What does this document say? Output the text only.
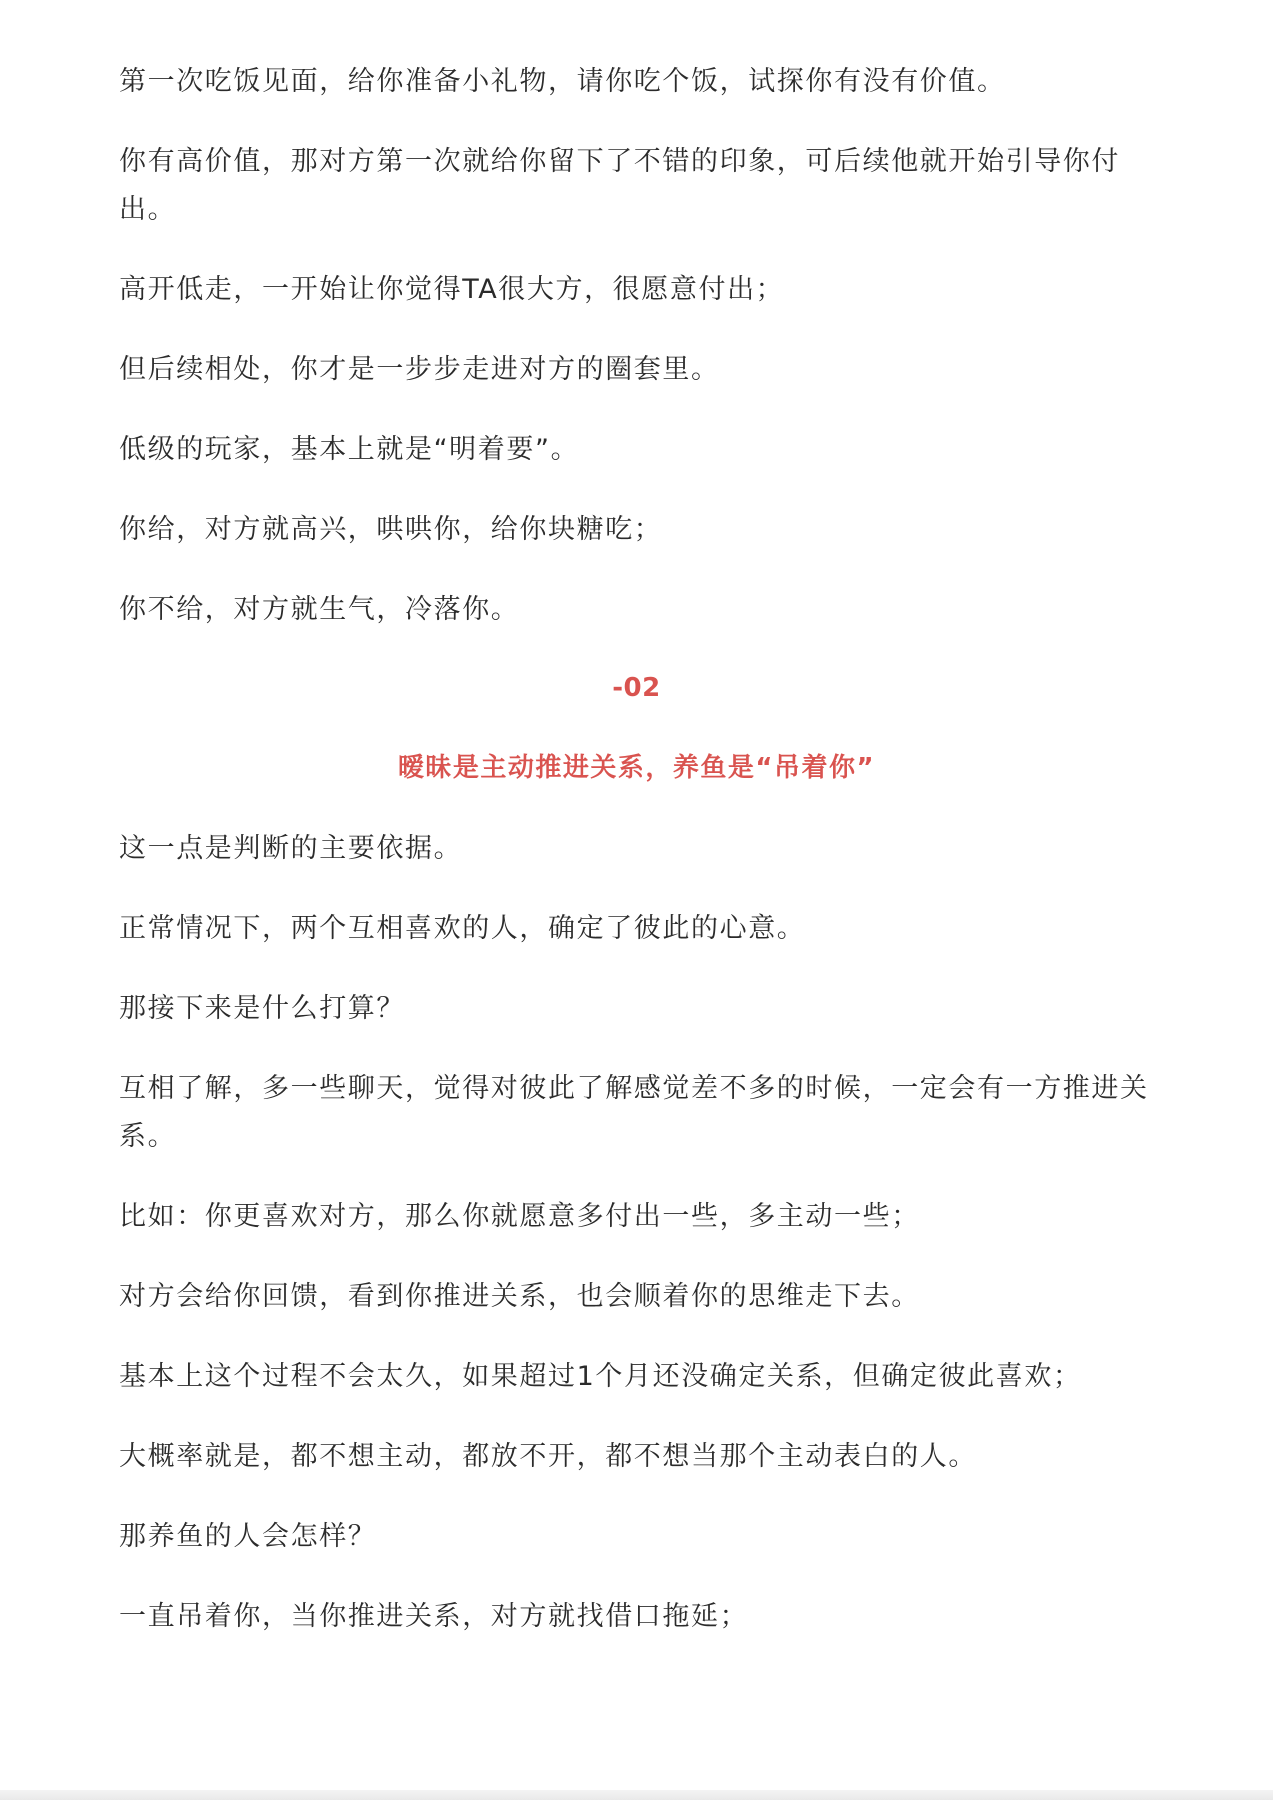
第一次吃饭见面，给你准备小礼物，请你吃个饭，试探你有没有价值。

你有高价值，那对方第一次就给你留下了不错的印象，可后续他就开始引导你付出。

高开低走，一开始让你觉得TA很大方，很愿意付出；

但后续相处，你才是一步步走进对方的圈套里。

低级的玩家，基本上就是“明着要”。

你给，对方就高兴，哄哄你，给你块糖吃；

你不给，对方就生气，冷落你。

-02
暧昧是主动推进关系，养鱼是“吊着你”

这一点是判断的主要依据。

正常情况下，两个互相喜欢的人，确定了彼此的心意。

那接下来是什么打算？

互相了解，多一些聊天，觉得对彼此了解感觉差不多的时候，一定会有一方推进关系。

比如：你更喜欢对方，那么你就愿意多付出一些，多主动一些；

对方会给你回馈，看到你推进关系，也会顺着你的思维走下去。

基本上这个过程不会太久，如果超过1个月还没确定关系，但确定彼此喜欢；

大概率就是，都不想主动，都放不开，都不想当那个主动表白的人。

那养鱼的人会怎样？

一直吊着你，当你推进关系，对方就找借口拖延；
